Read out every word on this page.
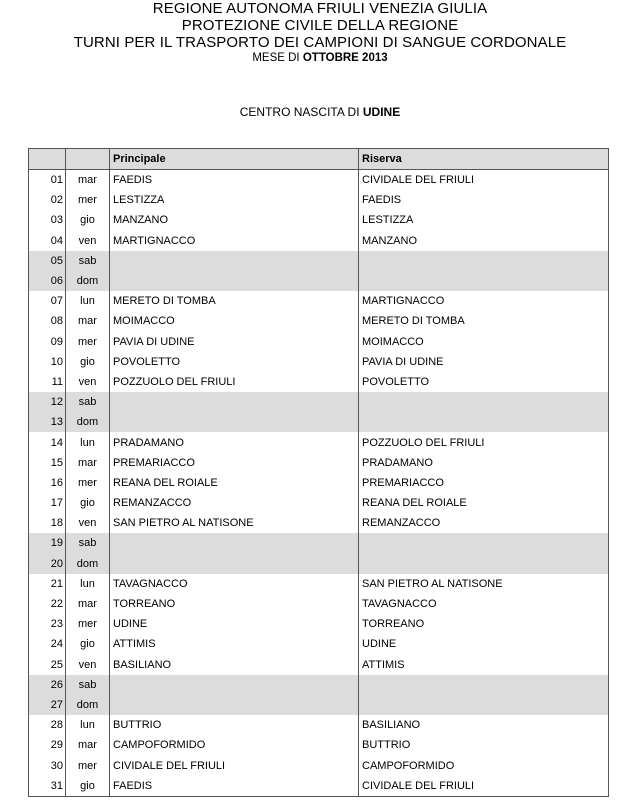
REGIONE AUTONOMA FRIULI VENEZIA GIULIA
PROTEZIONE CIVILE DELLA REGIONE
TURNI PER IL TRASPORTO DEI CAMPIONI DI SANGUE CORDONALE
MESE DI OTTOBRE 2013
CENTRO NASCITA DI UDINE
		Principale	Riserva
01	mar	FAEDIS	CIVIDALE DEL FRIULI
02	mer	LESTIZZA	FAEDIS
03	gio	MANZANO	LESTIZZA
04	ven	MARTIGNACCO	MANZANO
05	sab		
06	dom		
07	lun	MERETO DI TOMBA	MARTIGNACCO
08	mar	MOIMACCO	MERETO DI TOMBA
09	mer	PAVIA DI UDINE	MOIMACCO
10	gio	POVOLETTO	PAVIA DI UDINE
11	ven	POZZUOLO DEL FRIULI	POVOLETTO
12	sab		
13	dom		
14	lun	PRADAMANO	POZZUOLO DEL FRIULI
15	mar	PREMARIACCO	PRADAMANO
16	mer	REANA DEL ROIALE	PREMARIACCO
17	gio	REMANZACCO	REANA DEL ROIALE
18	ven	SAN PIETRO AL NATISONE	REMANZACCO
19	sab		
20	dom		
21	lun	TAVAGNACCO	SAN PIETRO AL NATISONE
22	mar	TORREANO	TAVAGNACCO
23	mer	UDINE	TORREANO
24	gio	ATTIMIS	UDINE
25	ven	BASILIANO	ATTIMIS
26	sab		
27	dom		
28	lun	BUTTRIO	BASILIANO
29	mar	CAMPOFORMIDO	BUTTRIO
30	mer	CIVIDALE DEL FRIULI	CAMPOFORMIDO
31	gio	FAEDIS	CIVIDALE DEL FRIULI
